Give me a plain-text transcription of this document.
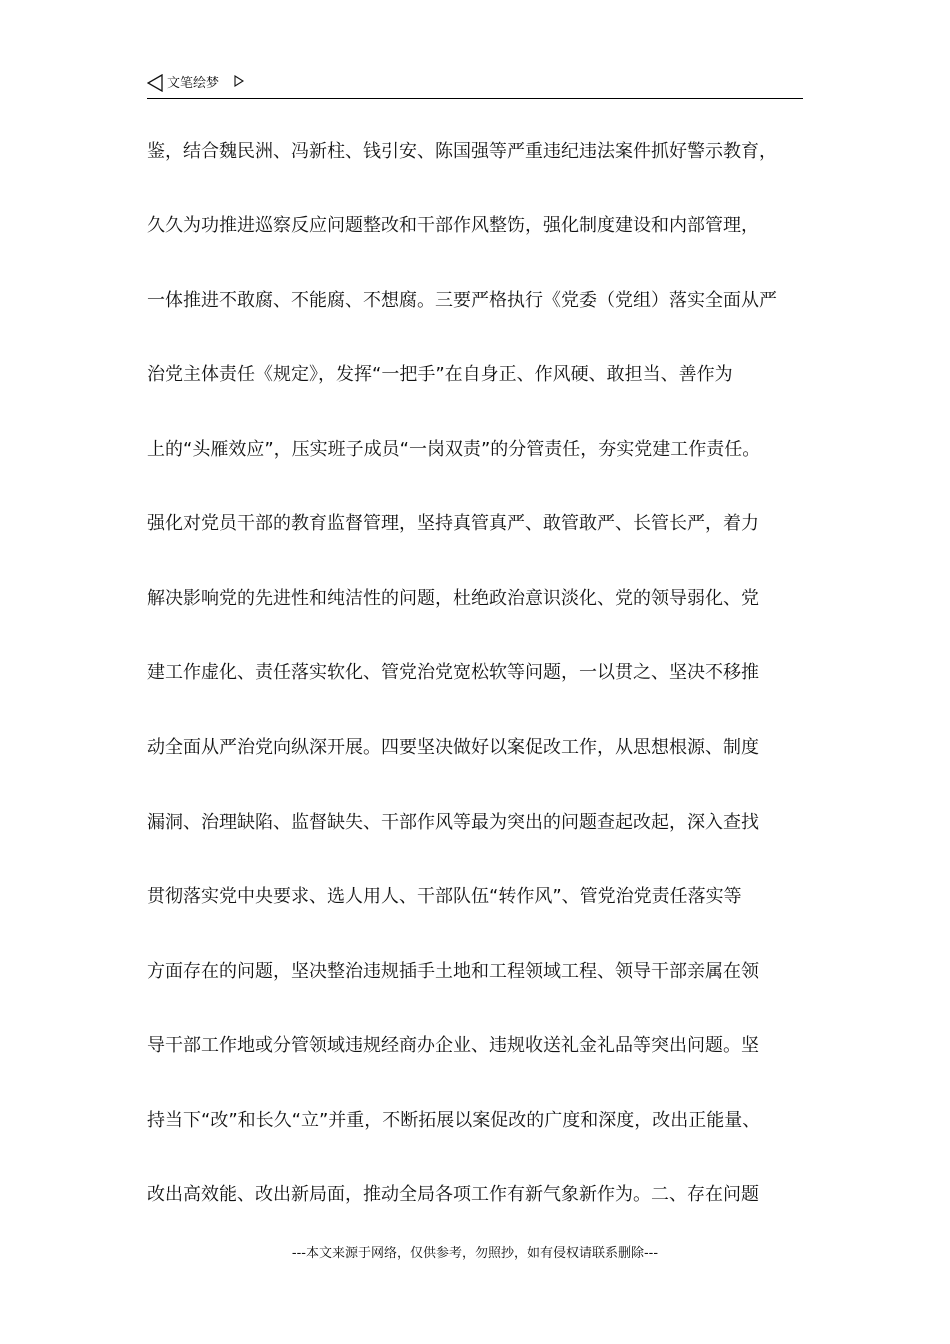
文笔绘梦
鉴，结合魏民洲、冯新柱、钱引安、陈国强等严重违纪违法案件抓好警示教育，
久久为功推进巡察反应问题整改和干部作风整饬，强化制度建设和内部管理，
一体推进不敢腐、不能腐、不想腐。三要严格执行《党委（党组）落实全面从严
治党主体责任《规定》，发挥“一把手”在自身正、作风硬、敢担当、善作为
上的“头雁效应”，压实班子成员“一岗双责”的分管责任，夯实党建工作责任。
强化对党员干部的教育监督管理，坚持真管真严、敢管敢严、长管长严，着力
解决影响党的先进性和纯洁性的问题，杜绝政治意识淡化、党的领导弱化、党
建工作虚化、责任落实软化、管党治党宽松软等问题，一以贯之、坚决不移推
动全面从严治党向纵深开展。四要坚决做好以案促改工作，从思想根源、制度
漏洞、治理缺陷、监督缺失、干部作风等最为突出的问题查起改起，深入查找
贯彻落实党中央要求、选人用人、干部队伍“转作风”、管党治党责任落实等
方面存在的问题，坚决整治违规插手土地和工程领域工程、领导干部亲属在领
导干部工作地或分管领域违规经商办企业、违规收送礼金礼品等突出问题。坚
持当下“改”和长久“立”并重，不断拓展以案促改的广度和深度，改出正能量、
改出高效能、改出新局面，推动全局各项工作有新气象新作为。二、存在问题
---本文来源于网络，仅供参考，勿照抄，如有侵权请联系删除---
